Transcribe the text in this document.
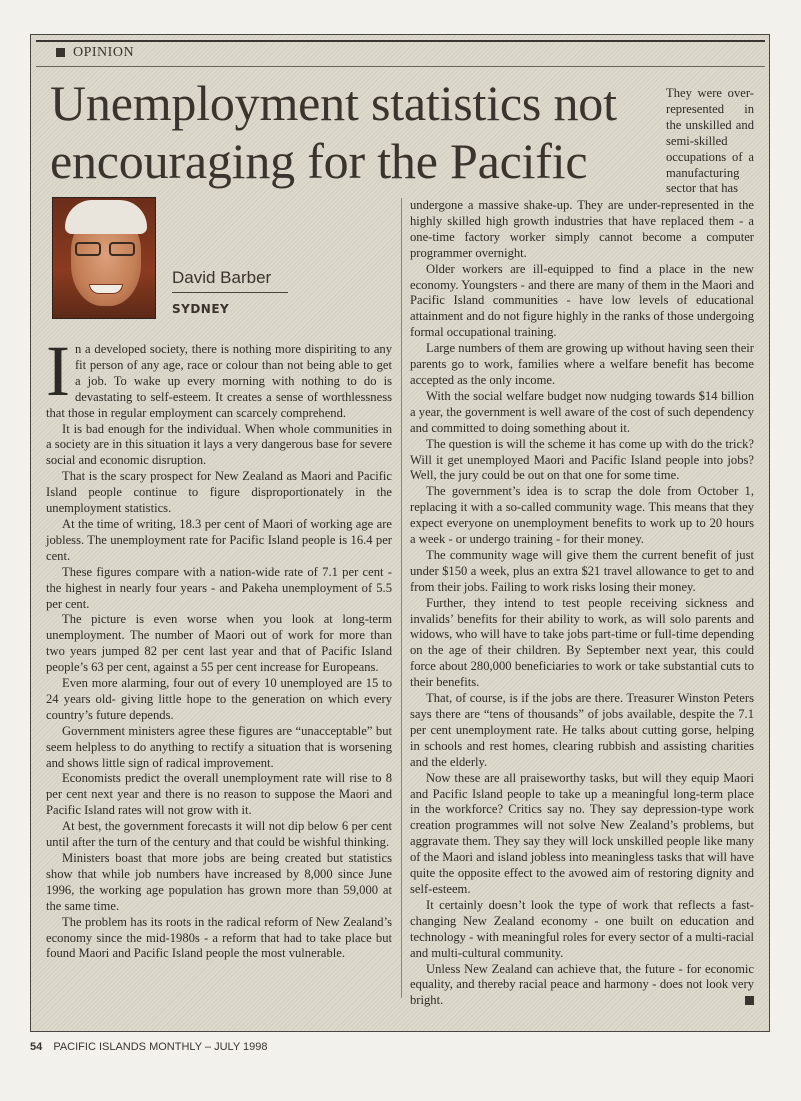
OPINION
Unemployment statistics not encouraging for the Pacific
They were over-represented in the unskilled and semi-skilled occupations of a manufacturing sector that has
David Barber
SYDNEY

In a developed society, there is nothing more dispiriting to any fit person of any age, race or colour than not being able to get a job. To wake up every morning with nothing to do is devastating to self-esteem. It creates a sense of worthlessness that those in regular employment can scarcely comprehend.

It is bad enough for the individual. When whole communities in a society are in this situation it lays a very dangerous base for severe social and economic disruption.

That is the scary prospect for New Zealand as Maori and Pacific Island people continue to figure disproportionately in the unemployment statistics.

At the time of writing, 18.3 per cent of Maori of working age are jobless. The unemployment rate for Pacific Island people is 16.4 per cent.

These figures compare with a nation-wide rate of 7.1 per cent - the highest in nearly four years - and Pakeha unemployment of 5.5 per cent.

The picture is even worse when you look at long-term unemployment. The number of Maori out of work for more than two years jumped 82 per cent last year and that of Pacific Island people’s 63 per cent, against a 55 per cent increase for Europeans.

Even more alarming, four out of every 10 unemployed are 15 to 24 years old- giving little hope to the generation on which every country’s future depends.

Government ministers agree these figures are “unacceptable” but seem helpless to do anything to rectify a situation that is worsening and shows little sign of radical improvement.

Economists predict the overall unemployment rate will rise to 8 per cent next year and there is no reason to suppose the Maori and Pacific Island rates will not grow with it.

At best, the government forecasts it will not dip below 6 per cent until after the turn of the century and that could be wishful thinking.

Ministers boast that more jobs are being created but statistics show that while job numbers have increased by 8,000 since June 1996, the working age population has grown more than 59,000 at the same time.

The problem has its roots in the radical reform of New Zealand’s economy since the mid-1980s - a reform that had to take place but found Maori and Pacific Island people the most vulnerable.

undergone a massive shake-up. They are under-represented in the highly skilled high growth industries that have replaced them - a one-time factory worker simply cannot become a computer programmer overnight.

Older workers are ill-equipped to find a place in the new economy. Youngsters - and there are many of them in the Maori and Pacific Island communities - have low levels of educational attainment and do not figure highly in the ranks of those undergoing formal occupational training.

Large numbers of them are growing up without having seen their parents go to work, families where a welfare benefit has become accepted as the only income.

With the social welfare budget now nudging towards $14 billion a year, the government is well aware of the cost of such dependency and committed to doing something about it.

The question is will the scheme it has come up with do the trick? Will it get unemployed Maori and Pacific Island people into jobs? Well, the jury could be out on that one for some time.

The government’s idea is to scrap the dole from October 1, replacing it with a so-called community wage. This means that they expect everyone on unemployment benefits to work up to 20 hours a week - or undergo training - for their money.

The community wage will give them the current benefit of just under $150 a week, plus an extra $21 travel allowance to get to and from their jobs. Failing to work risks losing their money.

Further, they intend to test people receiving sickness and invalids’ benefits for their ability to work, as will solo parents and widows, who will have to take jobs part-time or full-time depending on the age of their children. By September next year, this could force about 280,000 beneficiaries to work or take substantial cuts to their benefits.

That, of course, is if the jobs are there. Treasurer Winston Peters says there are “tens of thousands” of jobs available, despite the 7.1 per cent unemployment rate. He talks about cutting gorse, helping in schools and rest homes, clearing rubbish and assisting charities and the elderly.

Now these are all praiseworthy tasks, but will they equip Maori and Pacific Island people to take up a meaningful long-term place in the workforce? Critics say no. They say depression-type work creation programmes will not solve New Zealand’s problems, but aggravate them. They say they will lock unskilled people like many of the Maori and island jobless into meaningless tasks that will have quite the opposite effect to the avowed aim of restoring dignity and self-esteem.

It certainly doesn’t look the type of work that reflects a fast-changing New Zealand economy - one built on education and technology - with meaningful roles for every sector of a multi-racial and multi-cultural community.

Unless New Zealand can achieve that, the future - for economic equality, and thereby racial peace and harmony - does not look very bright.

54 PACIFIC ISLANDS MONTHLY – JULY 1998
